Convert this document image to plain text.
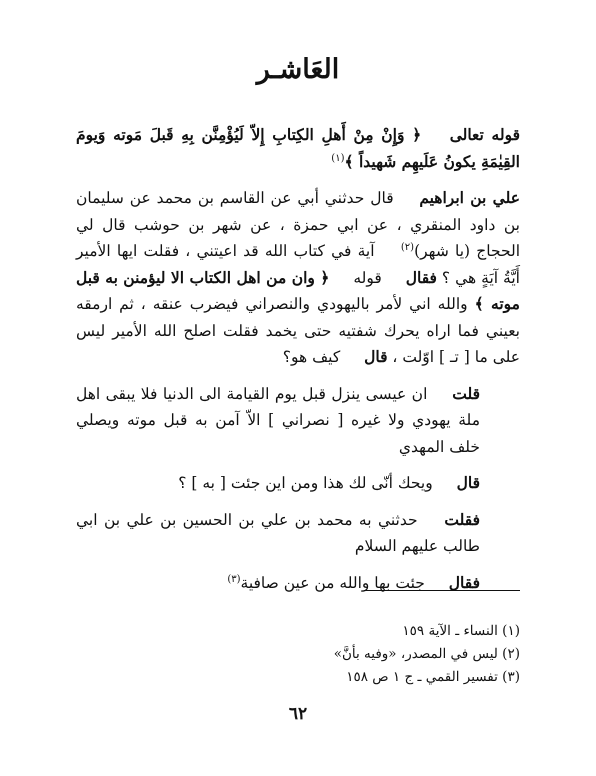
العَاشـر

قوله تعالى  ﴿ وَإِنْ مِنْ أَهلِ الكِتابِ إِلاّ لَيُؤْمِنَّن بِهِ قَبلَ مَوته وَيومَ القِيٰمَةِ يكونُ عَلَيهِم شَهيداً ﴾$^{(١)}$

علي بن ابراهيم  قال حدثني أبي عن القاسم بن محمد عن سليمان بن داود المنقري ، عن ابي حمزة ، عن شهر بن حوشب قال لي الحجاج (يا شهر)$^{(٢)}$  آية في كتاب الله قد اعيتني ، فقلت ايها الأمير أَيَّةُ آيَةٍ هي ؟ فقال  قوله  ﴿ وان من اهل الكتاب الا ليؤمنن به قبل موته ﴾ والله اني لأمر باليهودي والنصراني فيضرب عنقه ، ثم ارمقه بعيني فما اراه يحرك شفتيه حتى يخمد فقلت اصلح الله الأمير ليس على ما [ تـ ] اوّلت ، قال  كيف هو؟

قلت  ان عيسى ينزل قبل يوم القيامة الى الدنيا فلا يبقى اهل ملة يهودي ولا غيره [ نصراني ] الاّ آمن به قبل موته ويصلي خلف المهدي

قال  ويحك أنّى لك هذا ومن اين جئت [ به ] ؟

فقلت  حدثني به محمد بن علي بن الحسين بن علي بن ابي طالب عليهم السلام

فقال  جئت بها والله من عين صافية$^{(٣)}$

(١) النساء ـ الآية ١٥٩
(٢) ليس في المصدر، «وفيه بأنَّ»
(٣) تفسير القمي ـ ج ١ ص ١٥٨
٦٢
